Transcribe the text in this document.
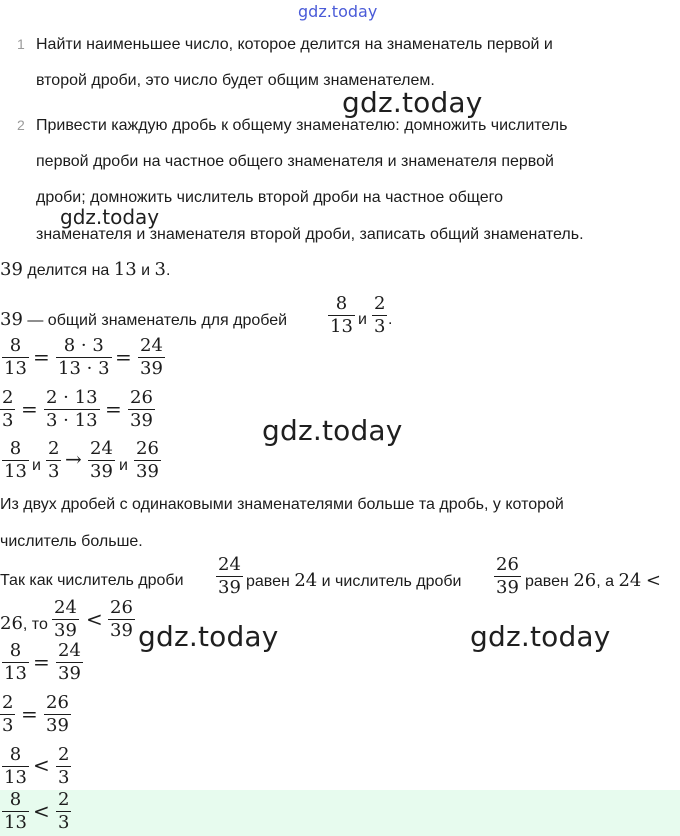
gdz.today
1 Найти наименьшее число, которое делится на знаменатель первой и
второй дроби, это число будет общим знаменателем.
2 Привести каждую дробь к общему знаменателю: домножить числитель
первой дроби на частное общего знаменателя и знаменателя первой
дроби; домножить числитель второй дроби на частное общего
знаменателя и знаменателя второй дроби, записать общий знаменатель.
gdz.today
gdz.today
39 делится на 13 и 3.
39 — общий знаменатель для дробей
8
13 и
2
3 .
8
13 = 8 · 3
13 · 3 = 24
39
2
3 = 2 · 13
3 · 13 = 26
39	gdz.today
8
13 и
2
3
→ 24
39 и
26
39
Из двух дробей с одинаковыми знаменателями больше та дробь, у которой
числитель больше.
Так как числитель дроби
24
39 равен 24 и числитель дроби
26
39 равен 26, а 24 <
26, то
24
39 < 26
39 gdz.today	gdz.today
8
13 = 24
39
2
3 = 26
39
8
13
< 2
3
8
13 < 2
3
